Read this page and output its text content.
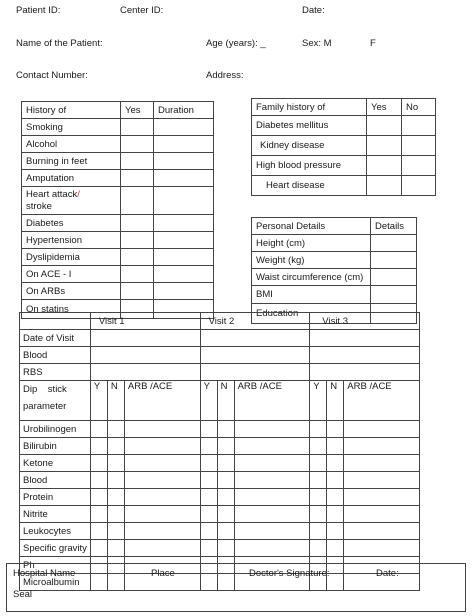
Patient ID:	Center ID:	Date:
Name of the Patient:	Age (years): _	Sex: M	F
Contact Number:	Address:
History of	Yes	Duration
Smoking		
Alcohol		
Burning in feet		
Amputation		
Heart attack/
stroke		
Diabetes		
Hypertension		
Dyslipidemia		
On ACE - I		
On ARBs		
On statins		
Family history of	Yes	No
Diabetes mellitus		
Kidney disease		
High blood pressure		
Heart disease		
Personal Details	Details
Height (cm)	
Weight (kg)	
Waist circumference (cm)	
BMI	
Education	
	Visit 1			Visit 2			Visit 3		
Date of Visit									
Blood									
RBS									
Dip    stick
parameter	Y	N	ARB /ACE	Y	N	ARB /ACE	Y	N	ARB /ACE
Urobilinogen									
Bilirubin									
Ketone									
Blood									
Protein									
Nitrite									
Leukocytes									
Specific gravity									
Ph									
Microalbumin									
Hospital Name	Place	Doctor's Signature:	Date:
Seal
